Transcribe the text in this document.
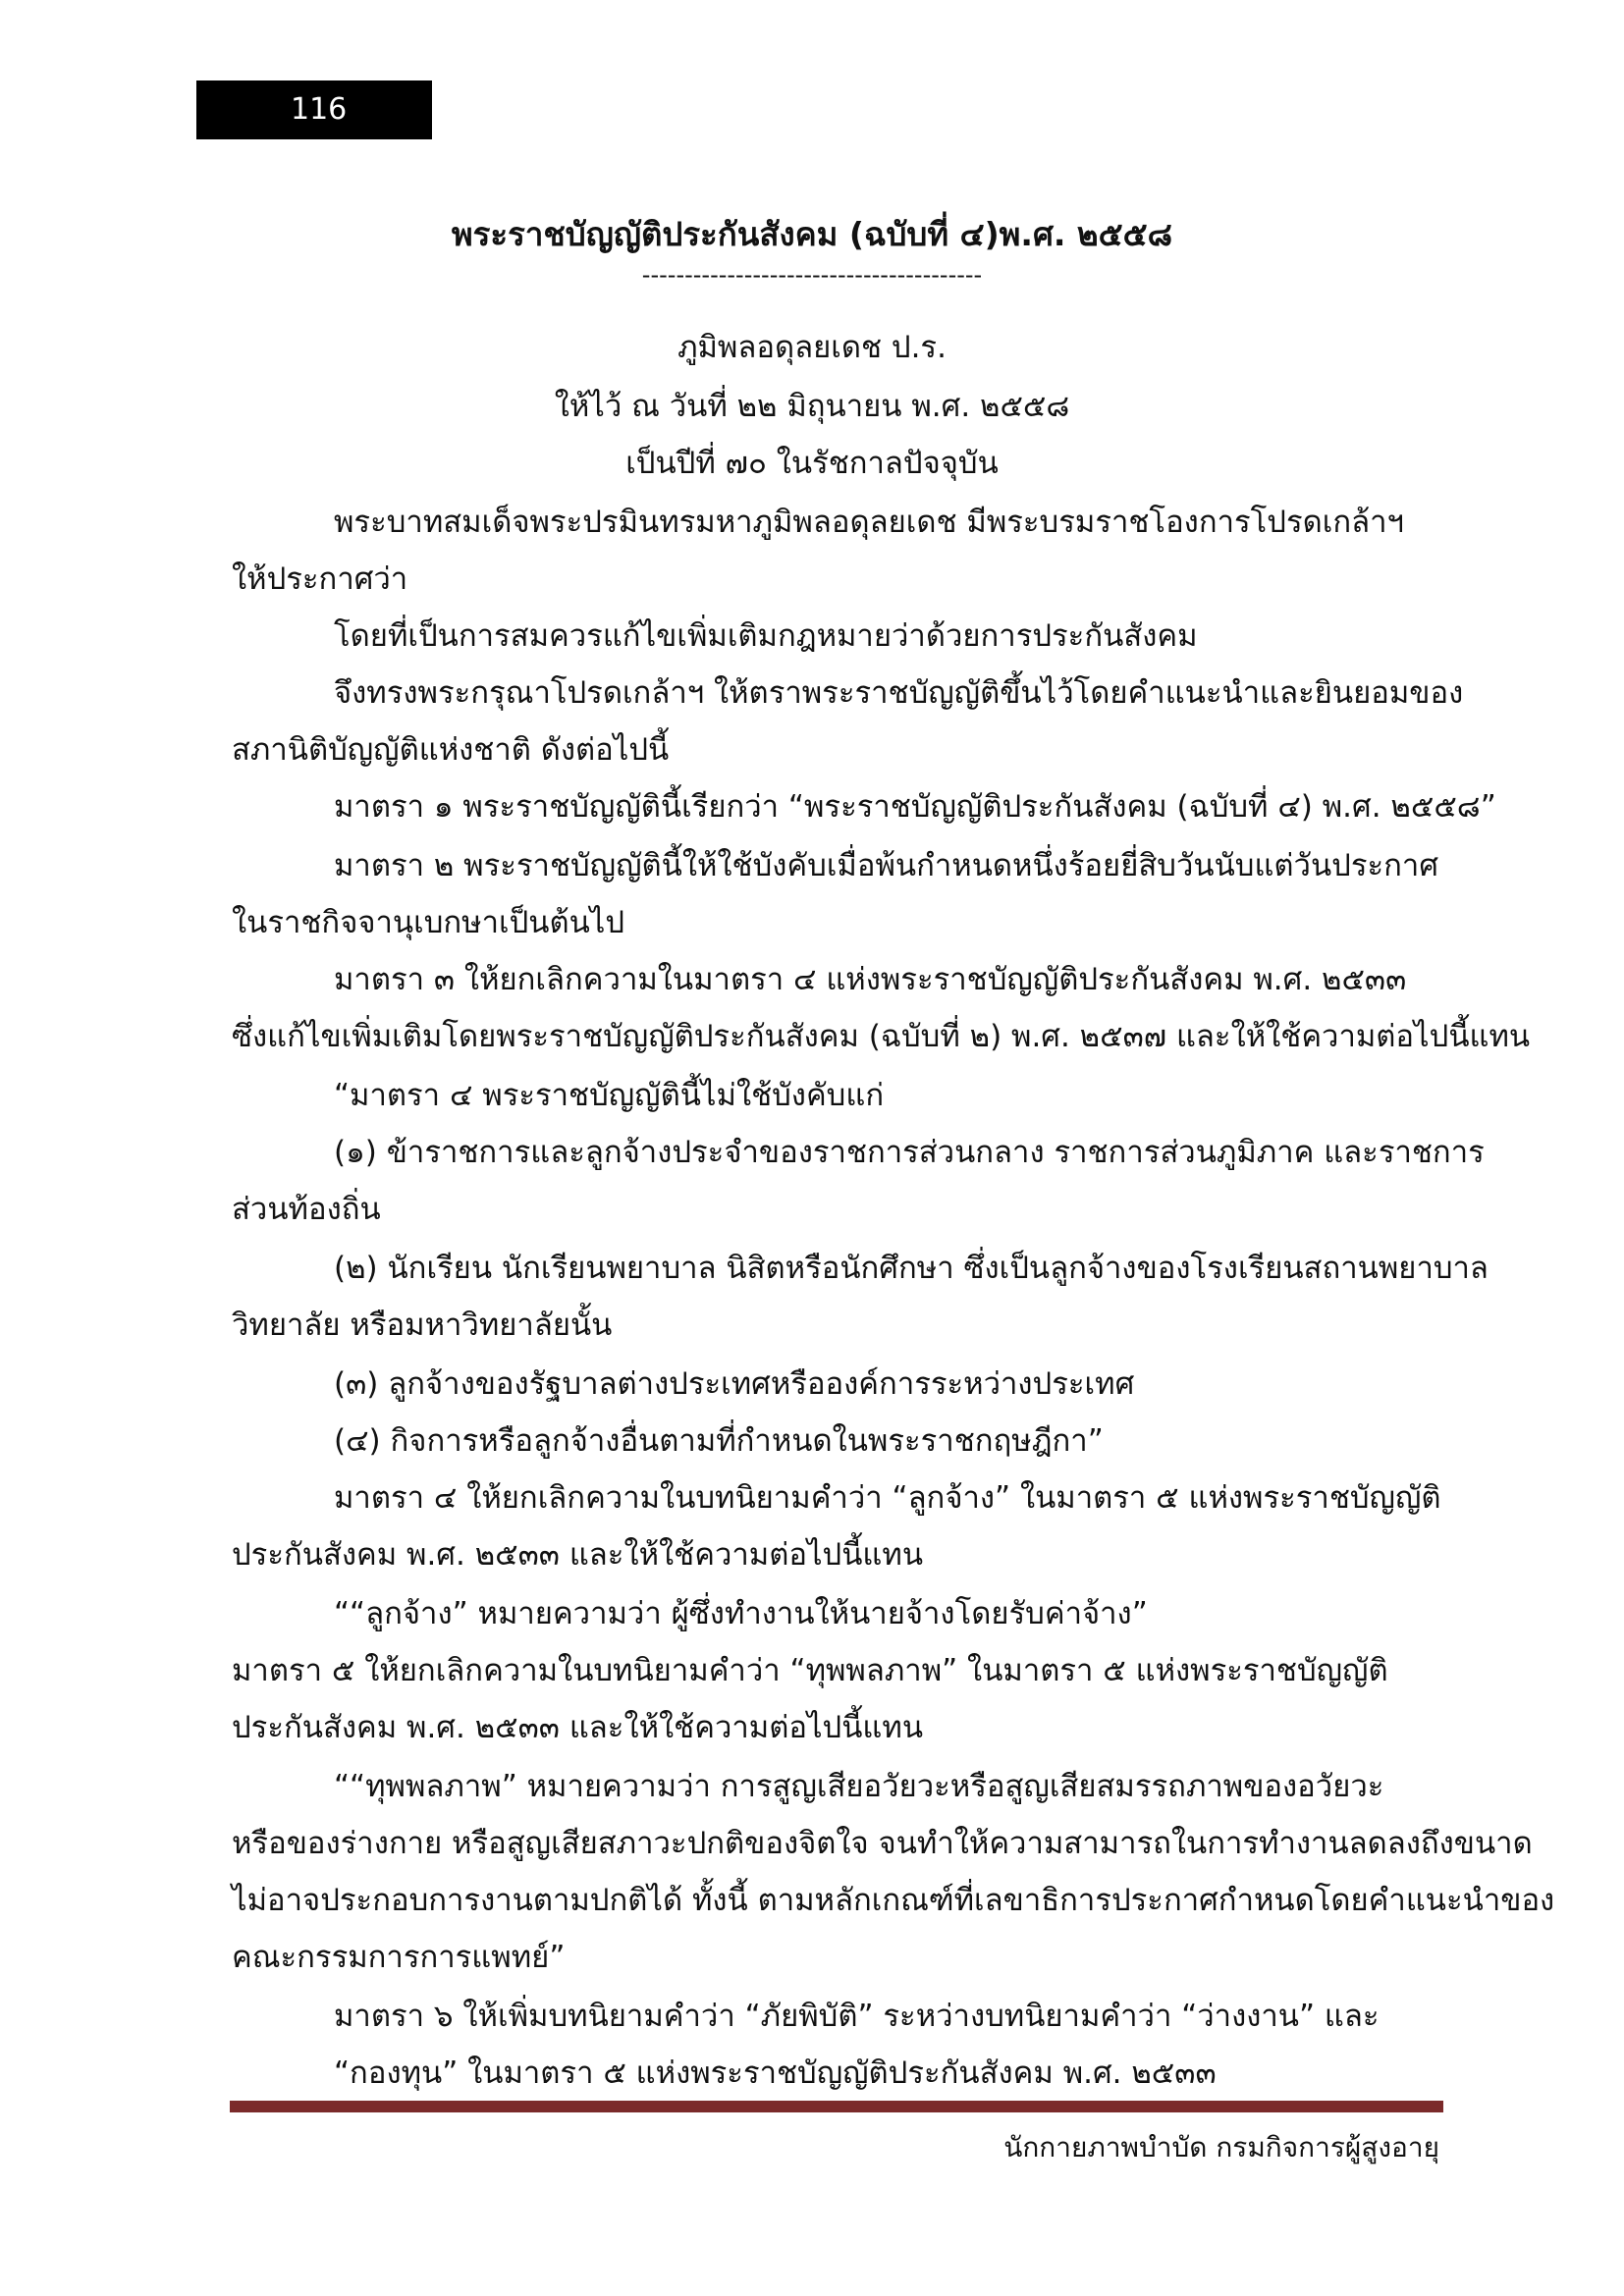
116
พระราชบัญญัติประกันสังคม (ฉบับที่ ๔)พ.ศ. ๒๕๕๘
----------------------------------------
ภูมิพลอดุลยเดช ป.ร.
ให้ไว้ ณ วันที่ ๒๒ มิถุนายน พ.ศ. ๒๕๕๘
เป็นปีที่ ๗๐ ในรัชกาลปัจจุบัน
พระบาทสมเด็จพระปรมินทรมหาภูมิพลอดุลยเดช มีพระบรมราชโองการโปรดเกล้าฯ
ให้ประกาศว่า
โดยที่เป็นการสมควรแก้ไขเพิ่มเติมกฎหมายว่าด้วยการประกันสังคม
จึงทรงพระกรุณาโปรดเกล้าฯ ให้ตราพระราชบัญญัติขึ้นไว้โดยคำแนะนำและยินยอมของ
สภานิติบัญญัติแห่งชาติ ดังต่อไปนี้
มาตรา ๑ พระราชบัญญัตินี้เรียกว่า “พระราชบัญญัติประกันสังคม (ฉบับที่ ๔) พ.ศ. ๒๕๕๘”
มาตรา ๒ พระราชบัญญัตินี้ให้ใช้บังคับเมื่อพ้นกำหนดหนึ่งร้อยยี่สิบวันนับแต่วันประกาศ
ในราชกิจจานุเบกษาเป็นต้นไป
มาตรา ๓ ให้ยกเลิกความในมาตรา ๔ แห่งพระราชบัญญัติประกันสังคม พ.ศ. ๒๕๓๓
ซึ่งแก้ไขเพิ่มเติมโดยพระราชบัญญัติประกันสังคม (ฉบับที่ ๒) พ.ศ. ๒๕๓๗ และให้ใช้ความต่อไปนี้แทน
“มาตรา ๔ พระราชบัญญัตินี้ไม่ใช้บังคับแก่
(๑) ข้าราชการและลูกจ้างประจำของราชการส่วนกลาง ราชการส่วนภูมิภาค และราชการ
ส่วนท้องถิ่น
(๒) นักเรียน นักเรียนพยาบาล นิสิตหรือนักศึกษา ซึ่งเป็นลูกจ้างของโรงเรียนสถานพยาบาล
วิทยาลัย หรือมหาวิทยาลัยนั้น
(๓) ลูกจ้างของรัฐบาลต่างประเทศหรือองค์การระหว่างประเทศ
(๔) กิจการหรือลูกจ้างอื่นตามที่กำหนดในพระราชกฤษฎีกา”
มาตรา ๔ ให้ยกเลิกความในบทนิยามคำว่า “ลูกจ้าง” ในมาตรา ๕ แห่งพระราชบัญญัติ
ประกันสังคม พ.ศ. ๒๕๓๓ และให้ใช้ความต่อไปนี้แทน
““ลูกจ้าง” หมายความว่า ผู้ซึ่งทำงานให้นายจ้างโดยรับค่าจ้าง”
มาตรา ๕ ให้ยกเลิกความในบทนิยามคำว่า “ทุพพลภาพ” ในมาตรา ๕ แห่งพระราชบัญญัติ
ประกันสังคม พ.ศ. ๒๕๓๓ และให้ใช้ความต่อไปนี้แทน
““ทุพพลภาพ” หมายความว่า การสูญเสียอวัยวะหรือสูญเสียสมรรถภาพของอวัยวะ
หรือของร่างกาย หรือสูญเสียสภาวะปกติของจิตใจ จนทำให้ความสามารถในการทำงานลดลงถึงขนาด
ไม่อาจประกอบการงานตามปกติได้ ทั้งนี้ ตามหลักเกณฑ์ที่เลขาธิการประกาศกำหนดโดยคำแนะนำของ
คณะกรรมการการแพทย์”
มาตรา ๖ ให้เพิ่มบทนิยามคำว่า “ภัยพิบัติ” ระหว่างบทนิยามคำว่า “ว่างงาน” และ
“กองทุน” ในมาตรา ๕ แห่งพระราชบัญญัติประกันสังคม พ.ศ. ๒๕๓๓
นักกายภาพบำบัด กรมกิจการผู้สูงอายุ
